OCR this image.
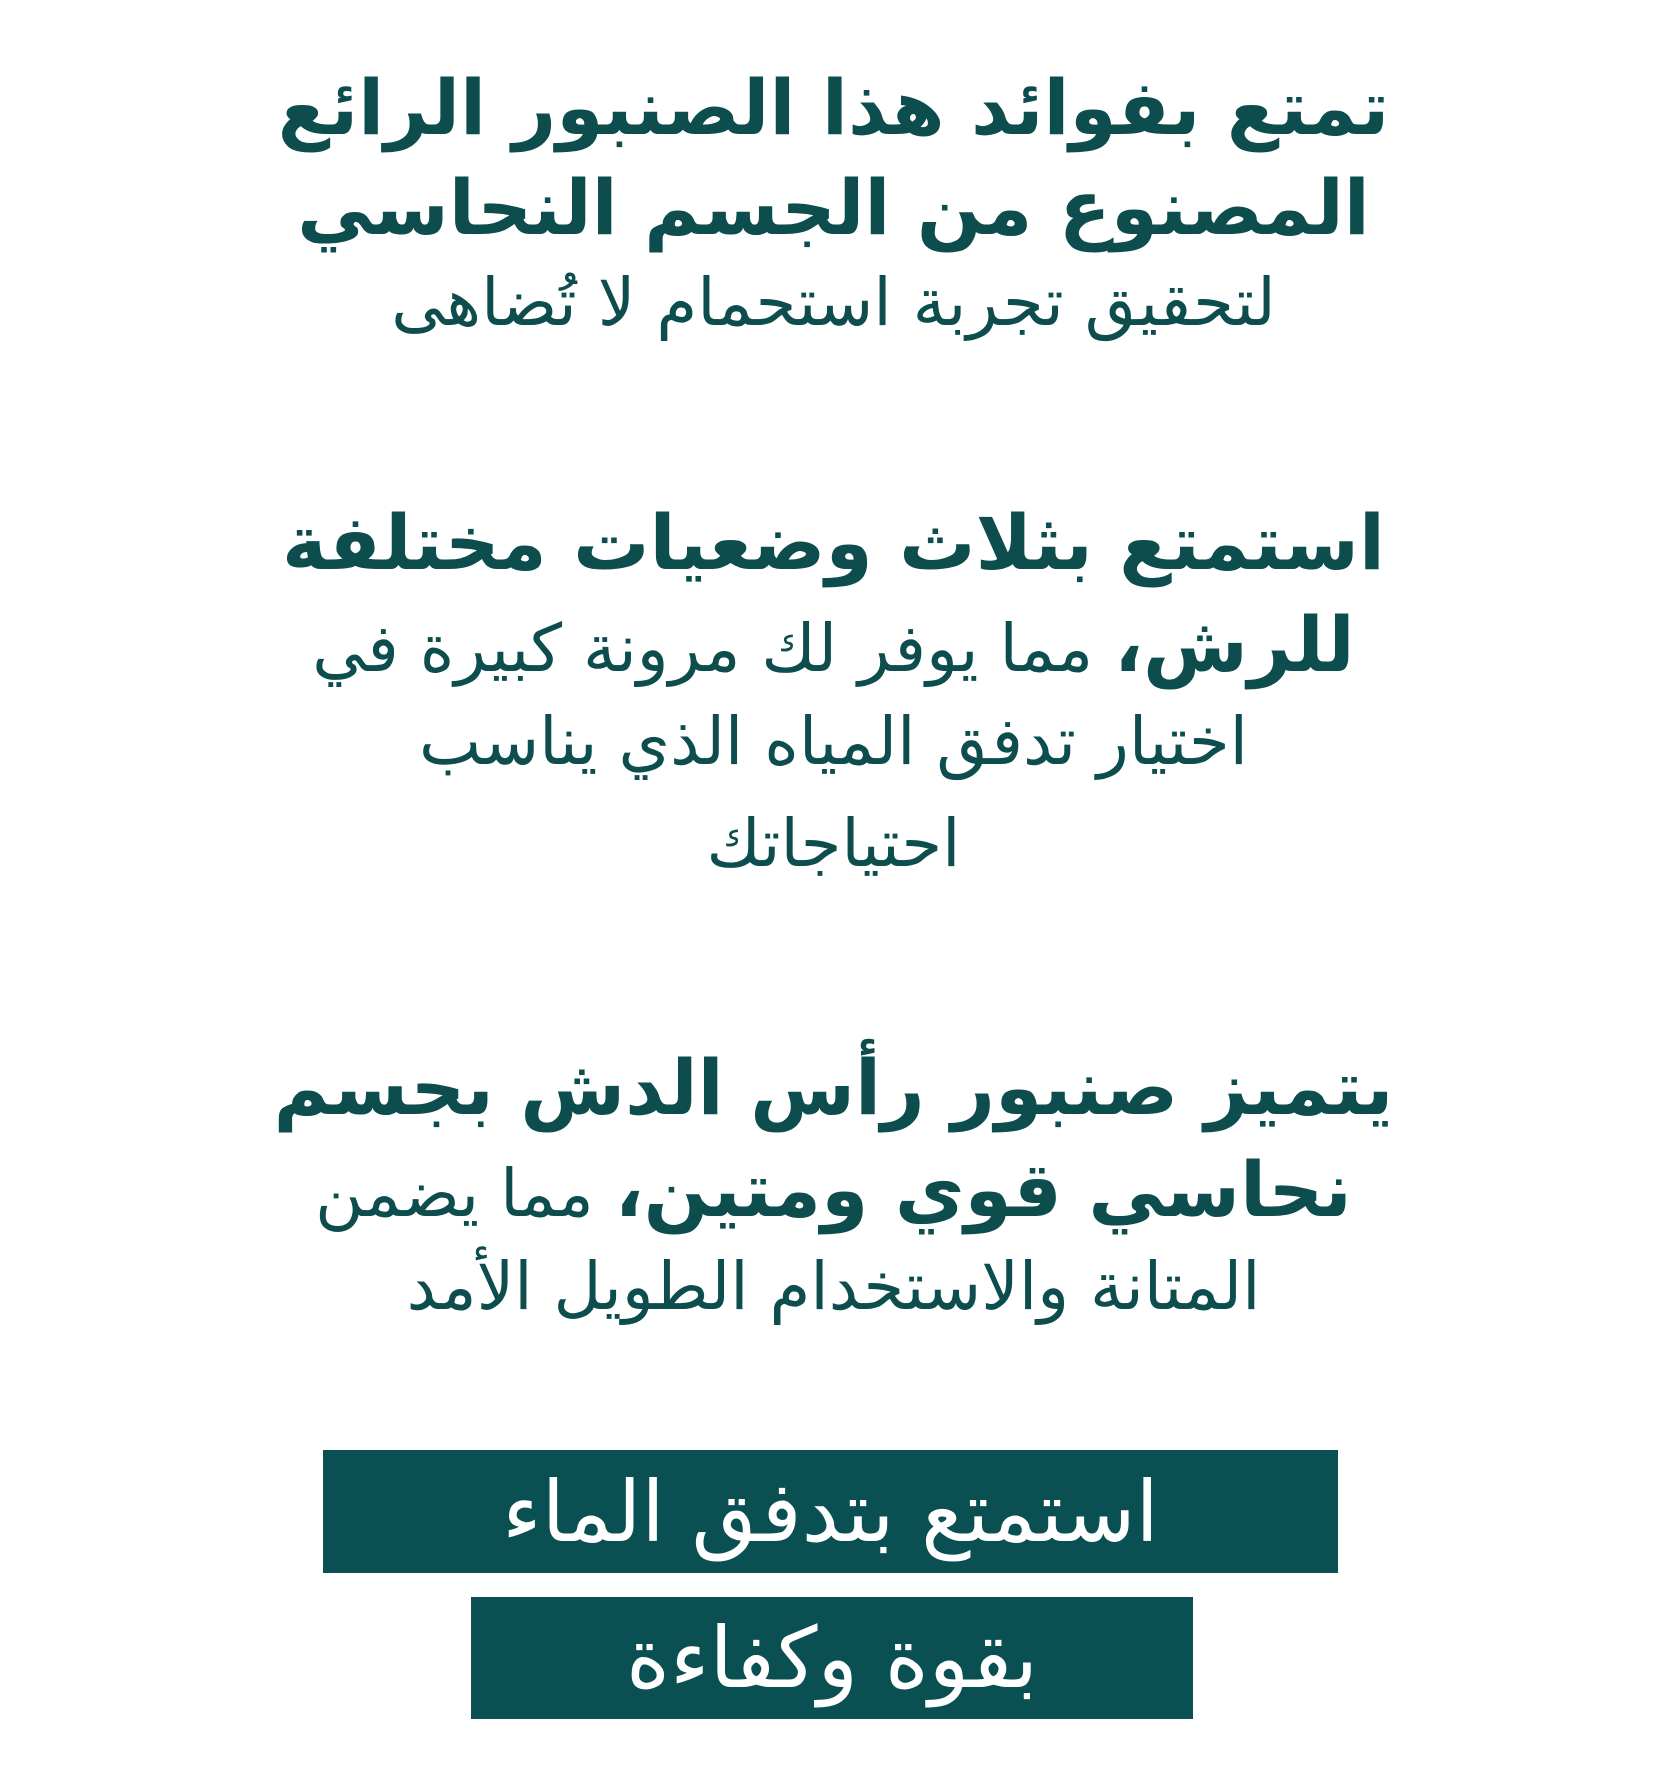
تمتع بفوائد هذا الصنبور الرائع
المصنوع من الجسم النحاسي
لتحقيق تجربة استحمام لا تُضاهى
استمتع بثلاث وضعيات مختلفة
للرش، مما يوفر لك مرونة كبيرة في
اختيار تدفق المياه الذي يناسب
احتياجاتك
يتميز صنبور رأس الدش بجسم
نحاسي قوي ومتين، مما يضمن
المتانة والاستخدام الطويل الأمد
استمتع بتدفق الماء
بقوة وكفاءة
